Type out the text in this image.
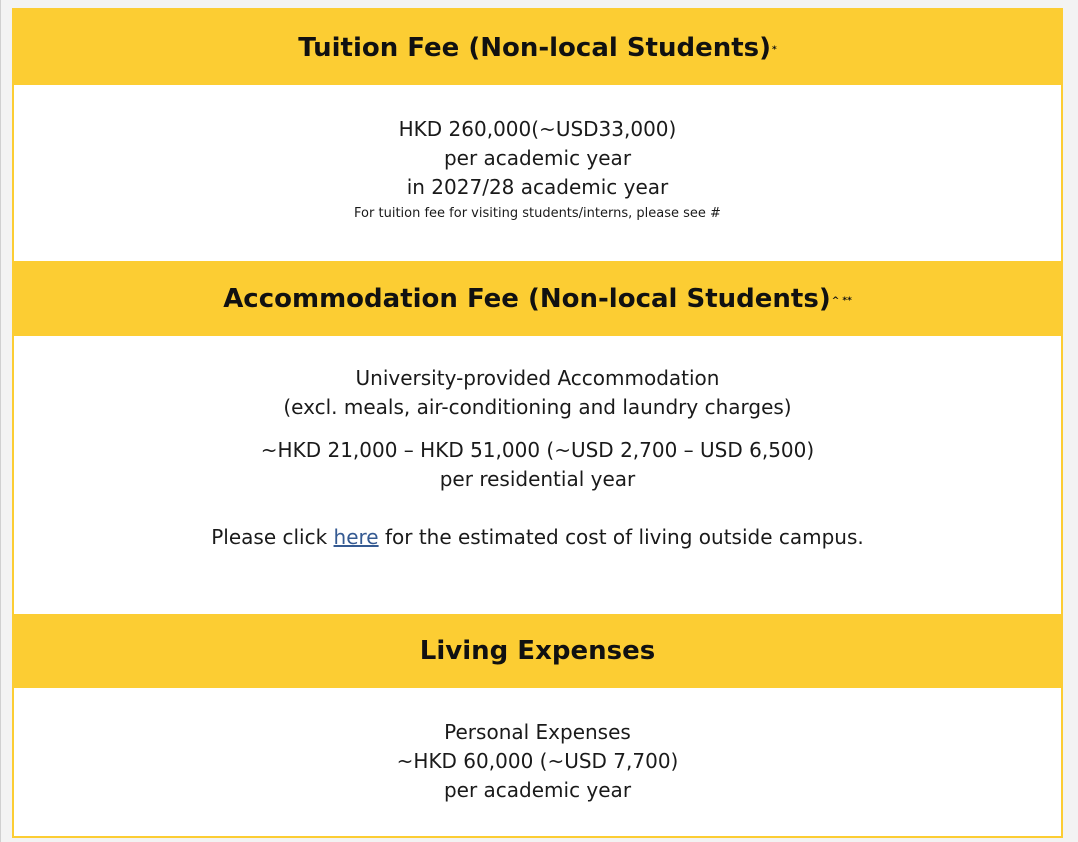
Tuition Fee (Non-local Students)*
HKD 260,000(~USD33,000)
per academic year
in 2027/28 academic year
For tuition fee for visiting students/interns, please see #
Accommodation Fee (Non-local Students)^ **
University-provided Accommodation
(excl. meals, air-conditioning and laundry charges)
~HKD 21,000 – HKD 51,000 (~USD 2,700 – USD 6,500)
per residential year
Please click here for the estimated cost of living outside campus.
Living Expenses
Personal Expenses
~HKD 60,000 (~USD 7,700)
per academic year
